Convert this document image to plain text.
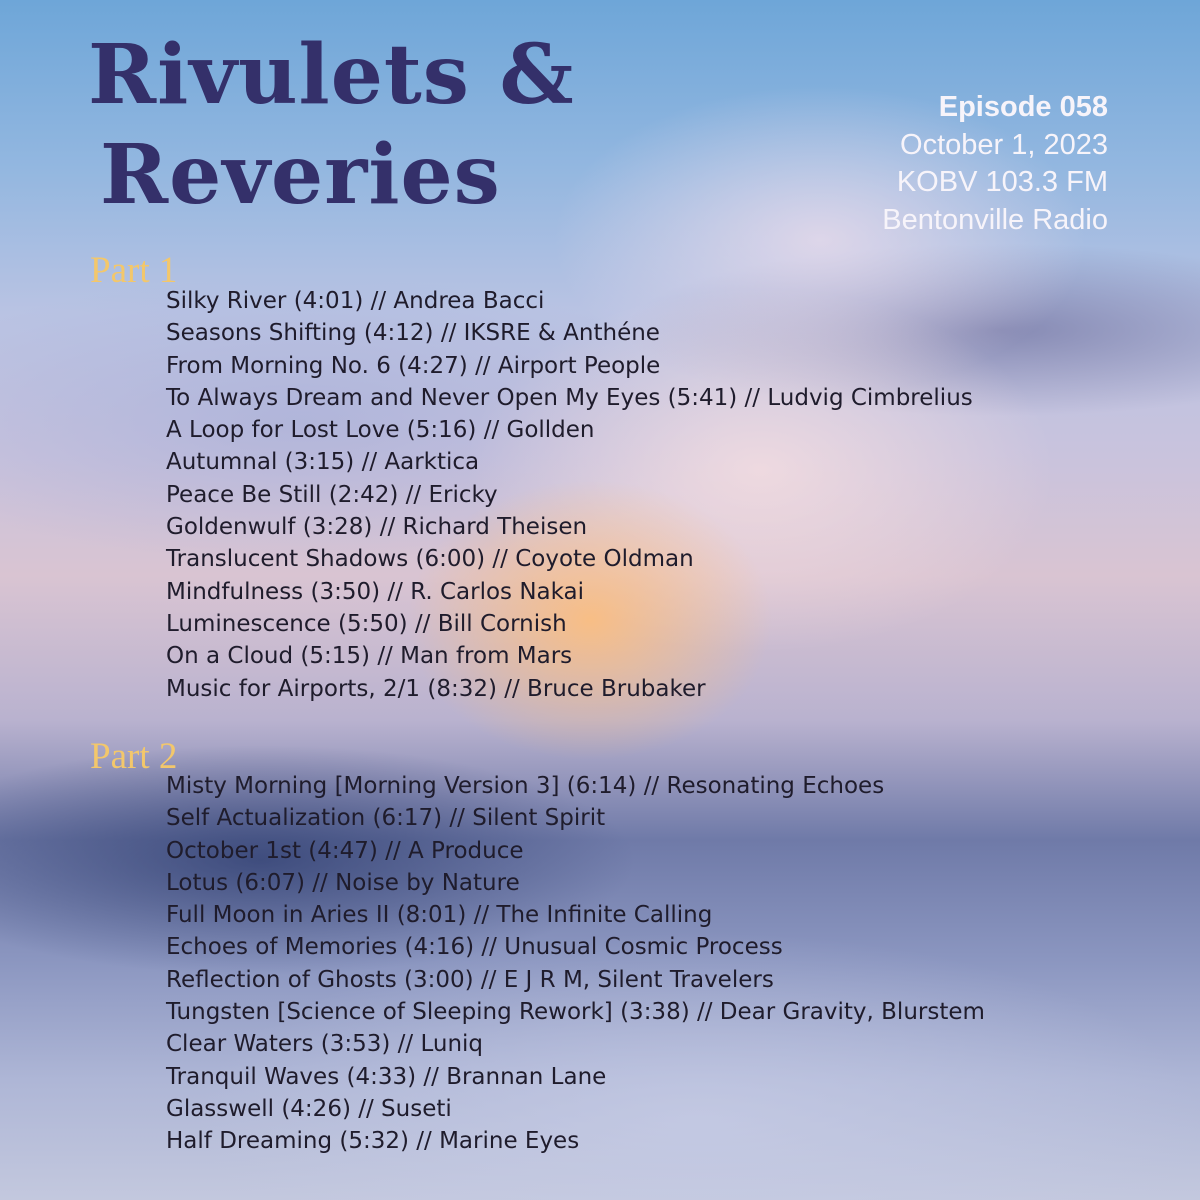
Rivulets &
Reveries
Episode 058
October 1, 2023
KOBV 103.3 FM
Bentonville Radio
Part 1
Silky River (4:01) // Andrea Bacci
Seasons Shifting (4:12) // IKSRE & Anthéne
From Morning No. 6 (4:27) // Airport People
To Always Dream and Never Open My Eyes (5:41) // Ludvig Cimbrelius
A Loop for Lost Love (5:16) // Gollden
Autumnal (3:15) // Aarktica
Peace Be Still (2:42) // Ericky
Goldenwulf (3:28) // Richard Theisen
Translucent Shadows (6:00) // Coyote Oldman
Mindfulness (3:50) // R. Carlos Nakai
Luminescence (5:50) // Bill Cornish
On a Cloud (5:15) // Man from Mars
Music for Airports, 2/1 (8:32) // Bruce Brubaker
Part 2
Misty Morning [Morning Version 3] (6:14) // Resonating Echoes
Self Actualization (6:17) // Silent Spirit
October 1st (4:47) // A Produce
Lotus (6:07) // Noise by Nature
Full Moon in Aries II (8:01) // The Infinite Calling
Echoes of Memories (4:16) // Unusual Cosmic Process
Reflection of Ghosts (3:00) // E J R M, Silent Travelers
Tungsten [Science of Sleeping Rework] (3:38) // Dear Gravity, Blurstem
Clear Waters (3:53) // Luniq
Tranquil Waves (4:33) // Brannan Lane
Glasswell (4:26) // Suseti
Half Dreaming (5:32) // Marine Eyes
